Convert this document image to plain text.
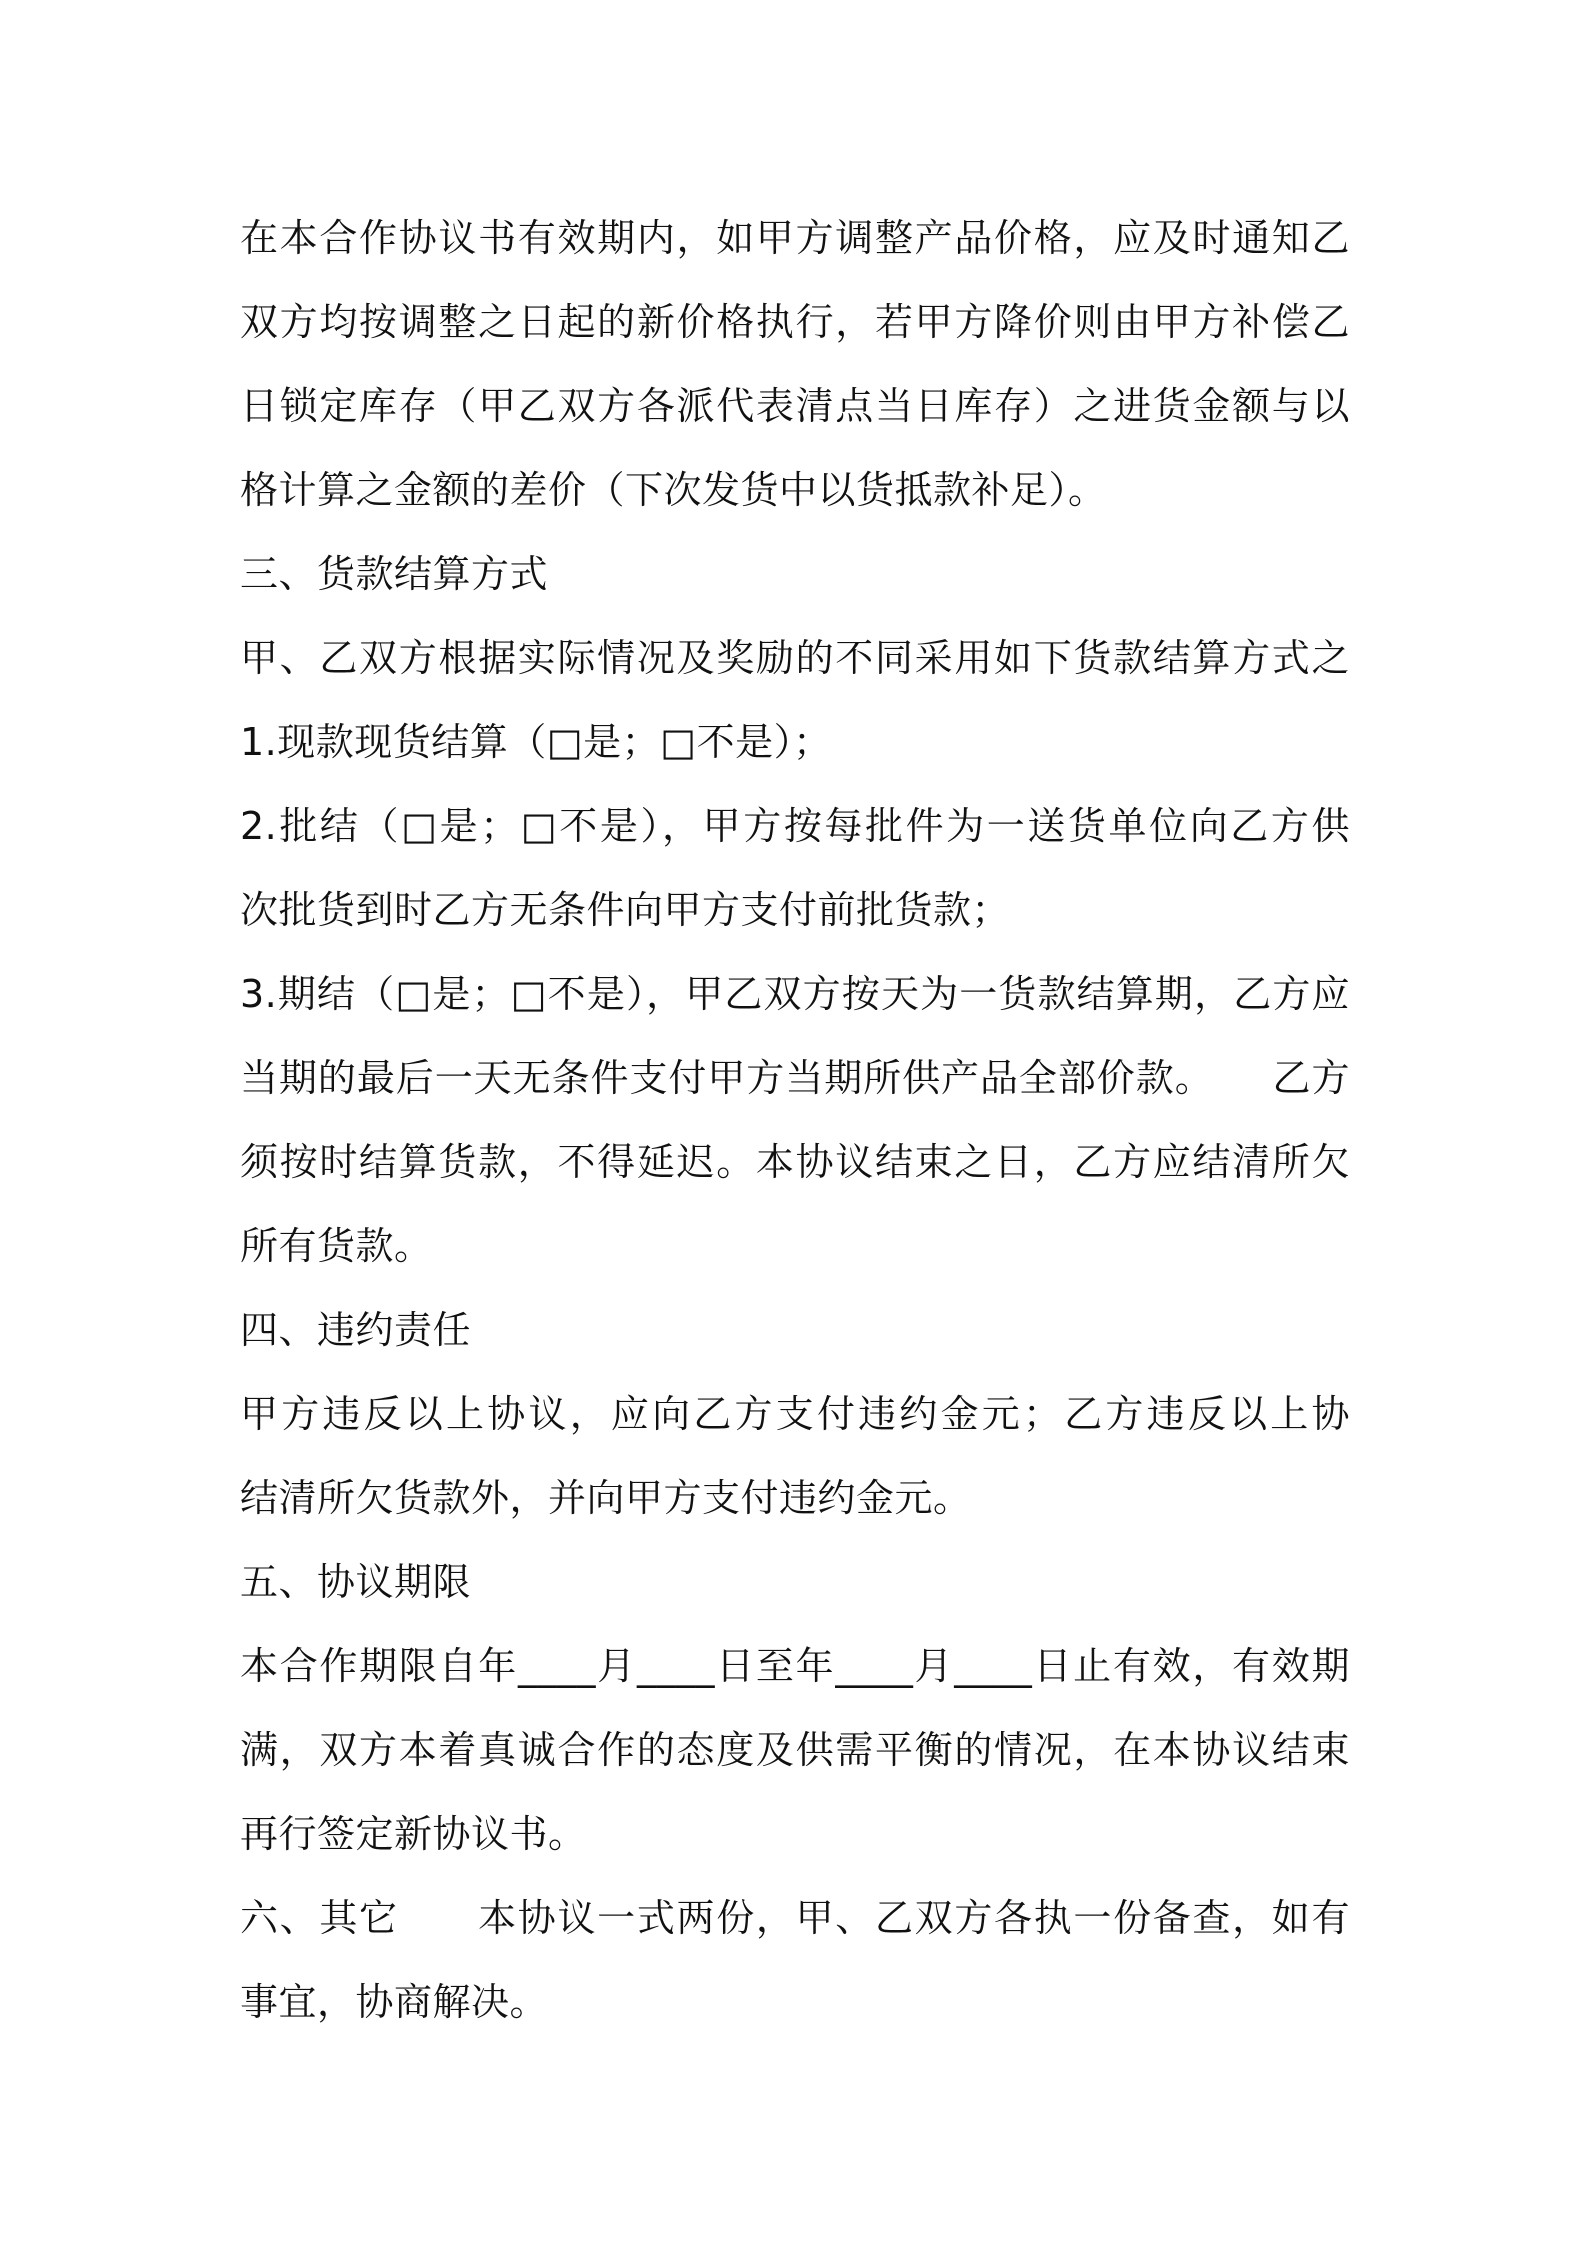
在本合作协议书有效期内，如甲方调整产品价格，应及时通知乙
双方均按调整之日起的新价格执行，若甲方降价则由甲方补偿乙
日锁定库存（甲乙双方各派代表清点当日库存）之进货金额与以
格计算之金额的差价（下次发货中以货抵款补足）。
三、货款结算方式
甲、乙双方根据实际情况及奖励的不同采用如下货款结算方式之
1.现款现货结算（□是；□不是）；
2.批结（□是；□不是），甲方按每批件为一送货单位向乙方供
次批货到时乙方无条件向甲方支付前批货款；
3.期结（□是；□不是），甲乙双方按天为一货款结算期，乙方应
当期的最后一天无条件支付甲方当期所供产品全部价款。　　乙方
须按时结算货款，不得延迟。本协议结束之日，乙方应结清所欠
所有货款。
四、违约责任
甲方违反以上协议，应向乙方支付违约金元；乙方违反以上协
结清所欠货款外，并向甲方支付违约金元。
五、协议期限
本合作期限自年____月____日至年____月____日止有效，有效期
满，双方本着真诚合作的态度及供需平衡的情况，在本协议结束
再行签定新协议书。
六、其它　　本协议一式两份，甲、乙双方各执一份备查，如有
事宜，协商解决。
